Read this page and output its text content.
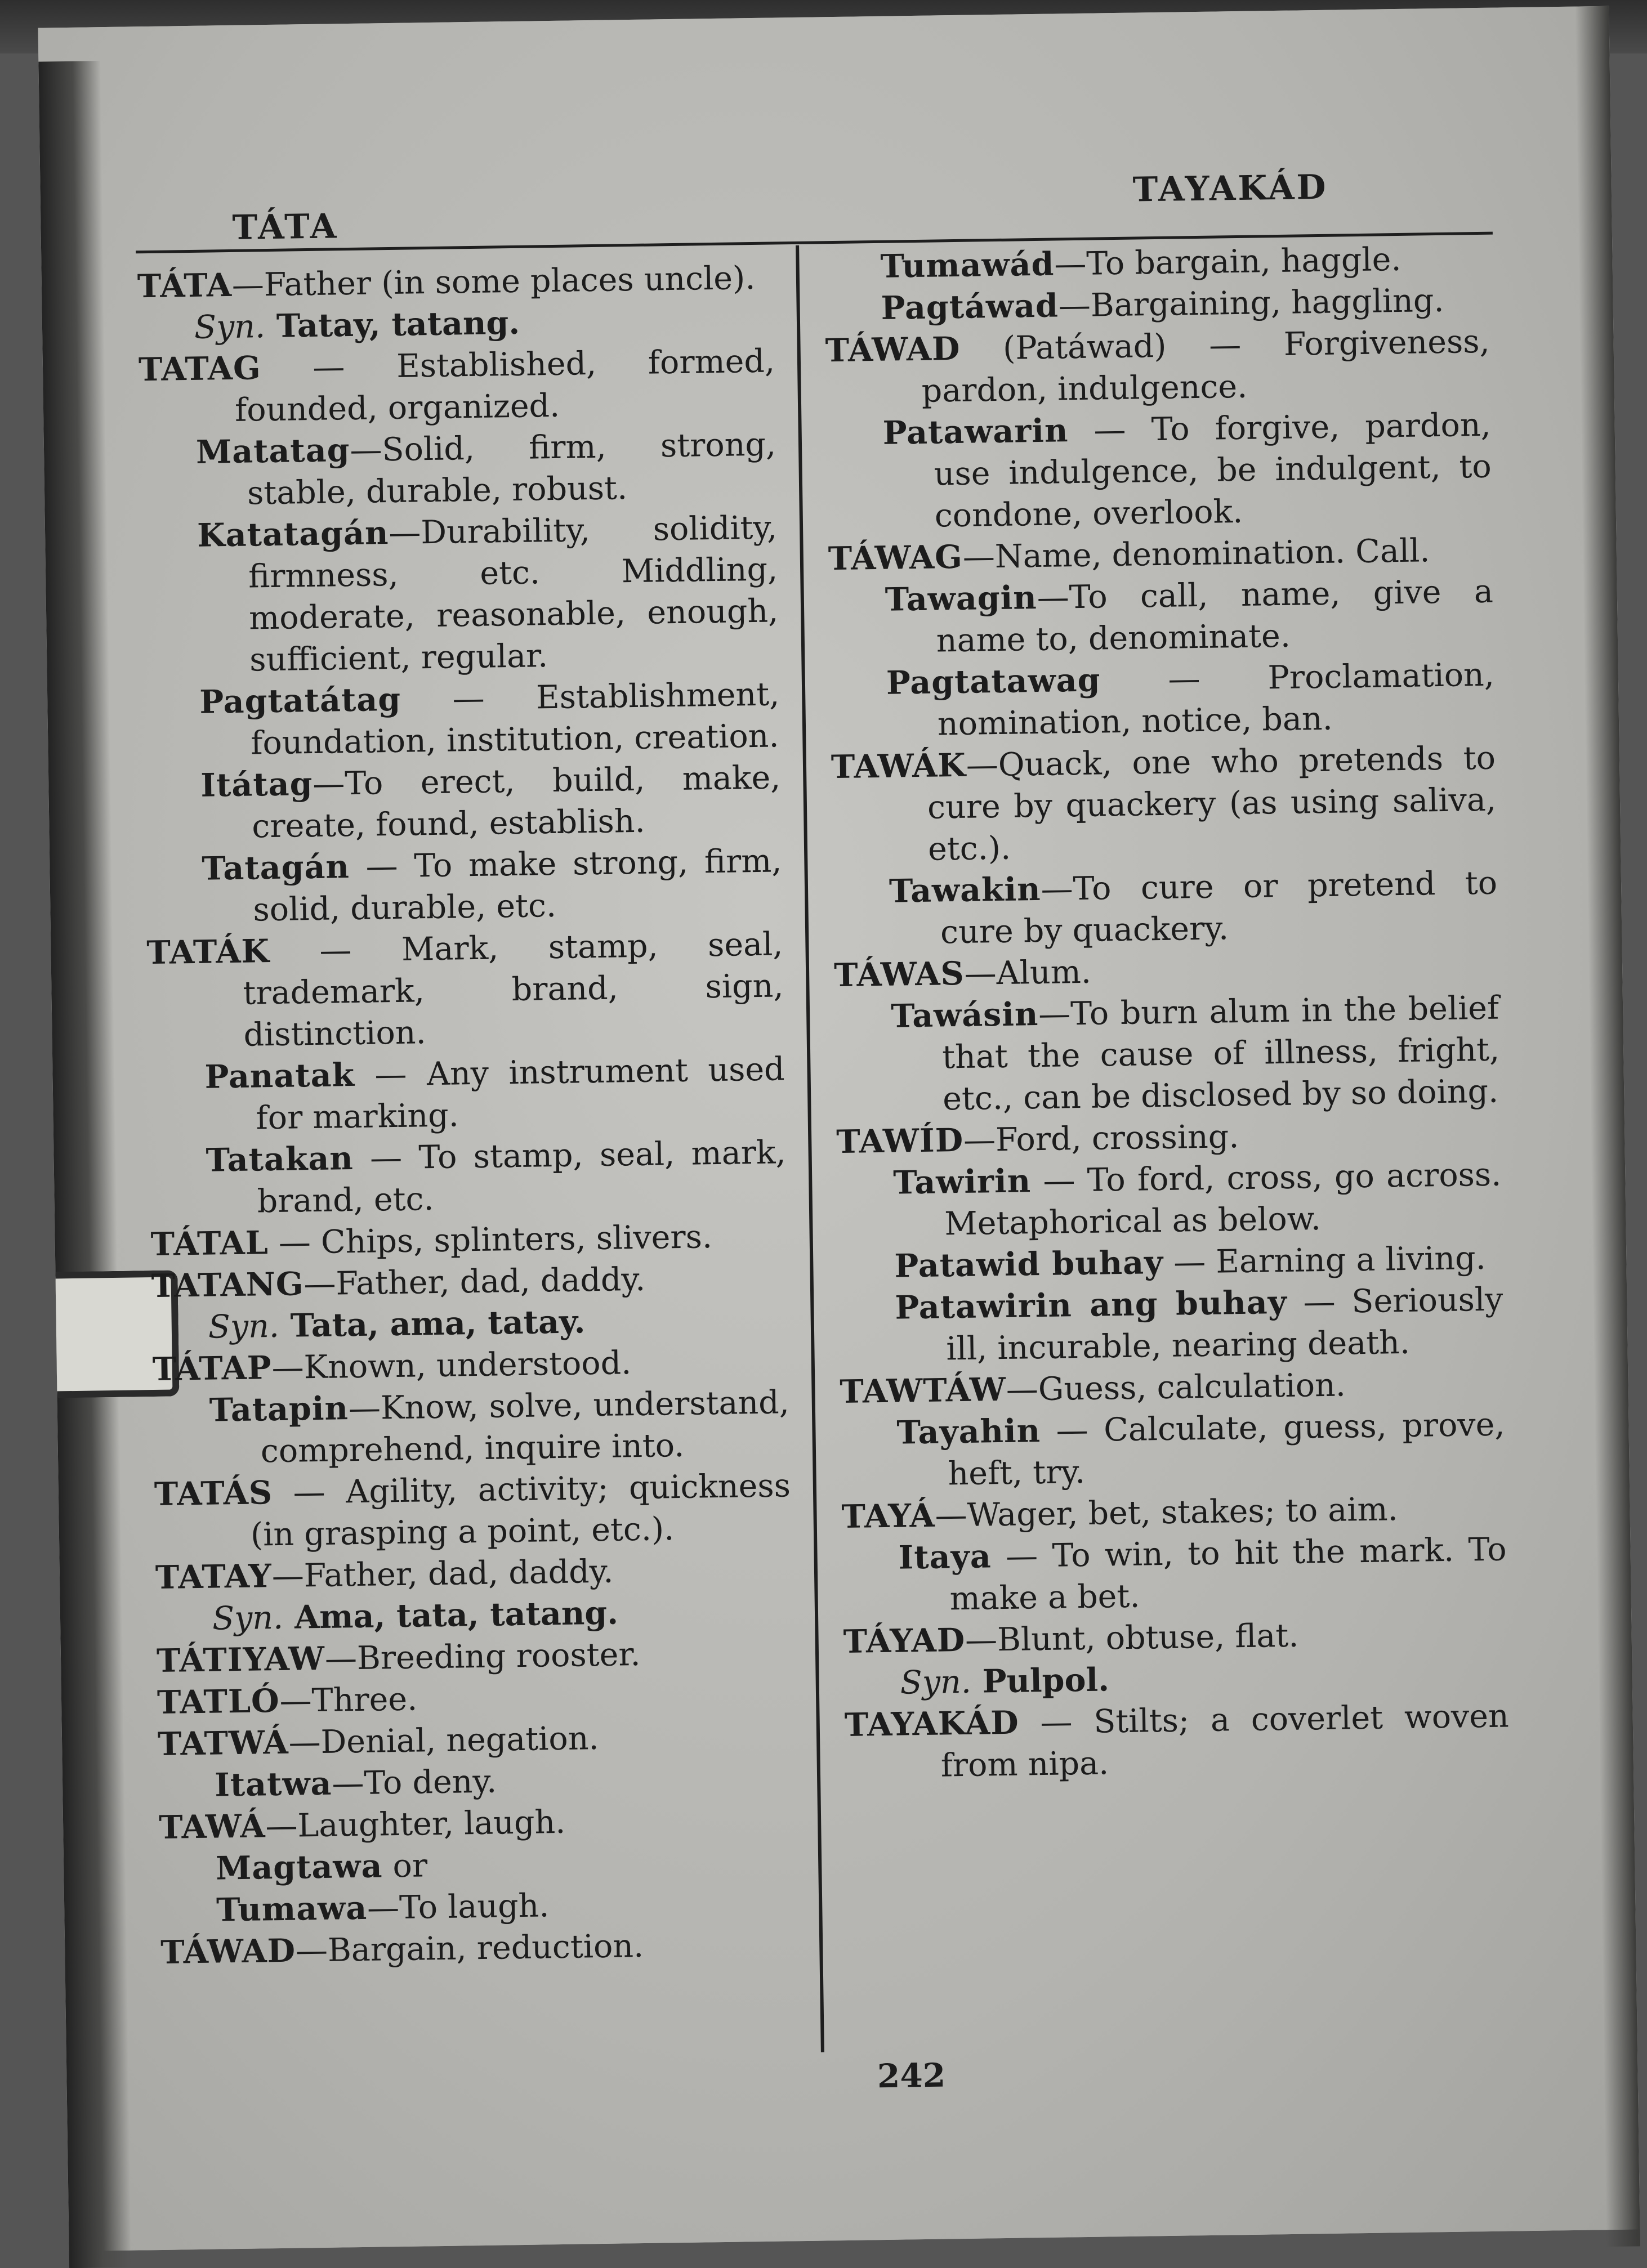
TÁTA
TAYAKÁD

TÁTA—Father (in some places uncle).

Syn. Tatay, tatang.

TATAG — Established, formed, founded, organized.

Matatag—Solid, firm, strong, stable, durable, robust.

Katatagán—Durability, solidity, firmness, etc. Middling, moderate, reasonable, enough, sufficient, regular.

Pagtatátag — Establishment, foundation, institution, creation.

Itátag—To erect, build, make, create, found, establish.

Tatagán — To make strong, firm, solid, durable, etc.

TATÁK — Mark, stamp, seal, trademark, brand, sign, distinction.

Panatak — Any instrument used for marking.

Tatakan — To stamp, seal, mark, brand, etc.

TÁTAL — Chips, splinters, slivers.

TATANG—Father, dad, daddy.

Syn. Tata, ama, tatay.

TÁTAP—Known, understood.

Tatapin—Know, solve, understand, comprehend, inquire into.

TATÁS — Agility, activity; quickness (in grasping a point, etc.).

TATAY—Father, dad, daddy.

Syn. Ama, tata, tatang.

TÁTIYAW—Breeding rooster.

TATLÓ—Three.

TATWÁ—Denial, negation.

Itatwa—To deny.

TAWÁ—Laughter, laugh.

Magtawa or

Tumawa—To laugh.

TÁWAD—Bargain, reduction.

Tumawád—To bargain, haggle.

Pagtáwad—Bargaining, haggling.

TÁWAD (Patáwad) — Forgiveness, pardon, indulgence.

Patawarin — To forgive, pardon, use indulgence, be indulgent, to condone, overlook.

TÁWAG—Name, denomination. Call.

Tawagin—To call, name, give a name to, denominate.

Pagtatawag — Proclamation, nomination, notice, ban.

TAWÁK—Quack, one who pretends to cure by quackery (as using saliva, etc.).

Tawakin—To cure or pretend to cure by quackery.

TÁWAS—Alum.

Tawásin—To burn alum in the belief that the cause of illness, fright, etc., can be disclosed by so doing.

TAWÍD—Ford, crossing.

Tawirin — To ford, cross, go across. Metaphorical as below.

Patawid buhay — Earning a living.

Patawirin ang buhay — Seriously ill, incurable, nearing death.

TAWTÁW—Guess, calculation.

Tayahin — Calculate, guess, prove, heft, try.

TAYÁ—Wager, bet, stakes; to aim.

Itaya — To win, to hit the mark. To make a bet.

TÁYAD—Blunt, obtuse, flat.

Syn. Pulpol.

TAYAKÁD — Stilts; a coverlet woven from nipa.

242
